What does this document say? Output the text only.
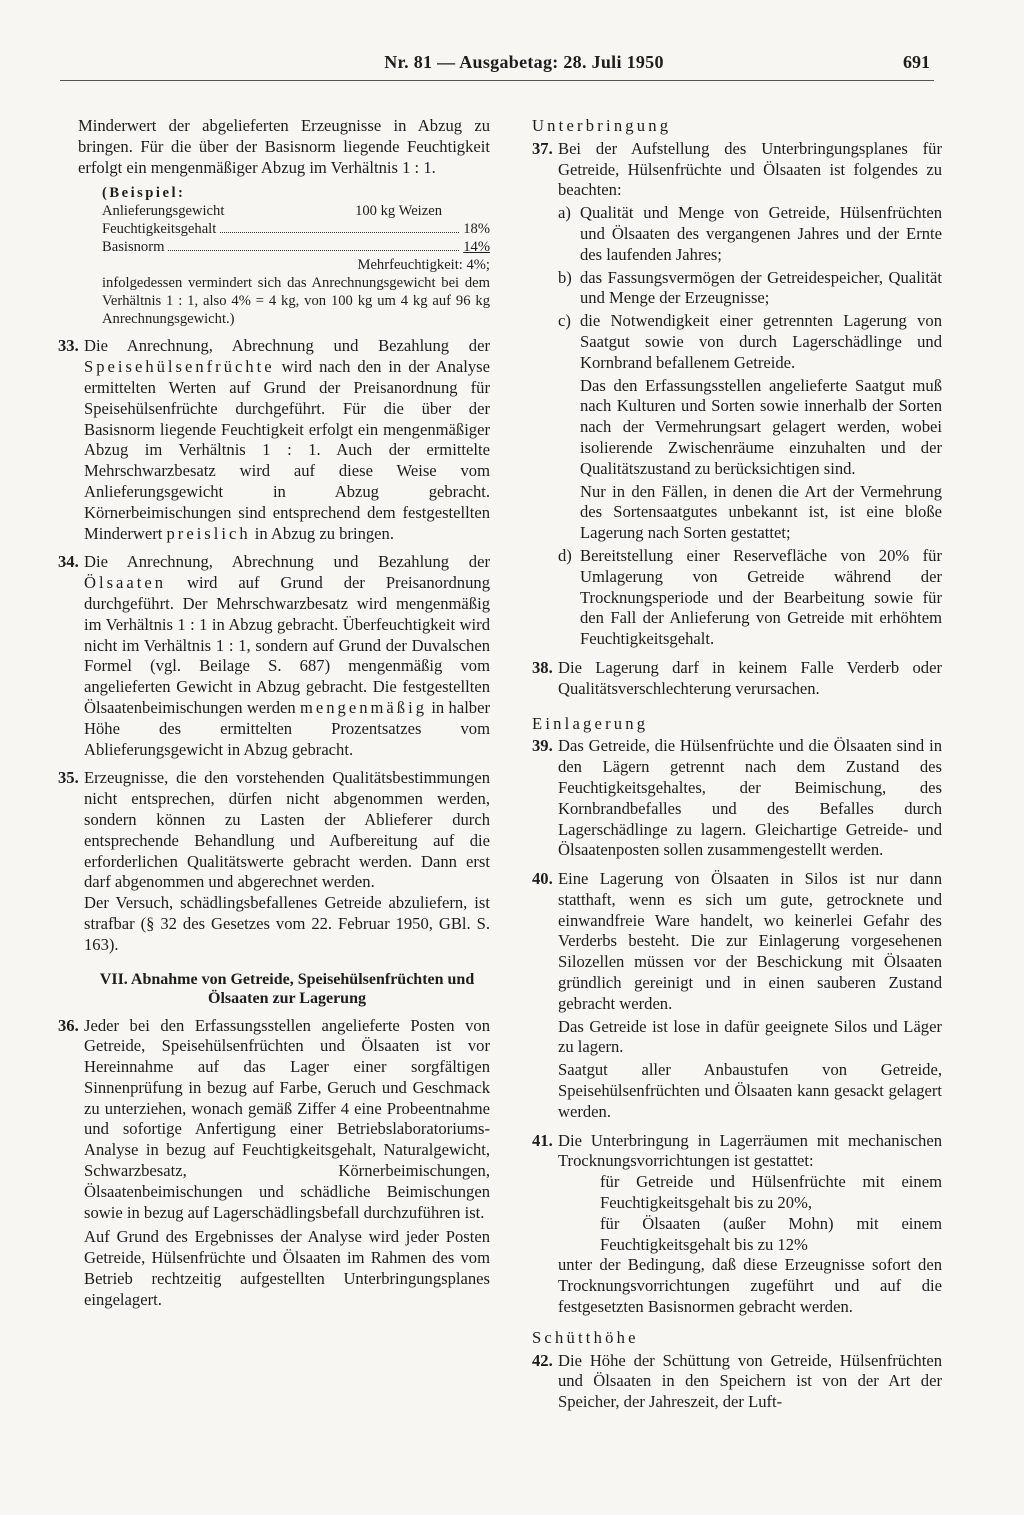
Nr. 81 — Ausgabetag: 28. Juli 1950	691

Minderwert der abgelieferten Erzeugnisse in Abzug zu bringen. Für die über der Basisnorm liegende Feuchtigkeit erfolgt ein mengenmäßiger Abzug im Verhältnis 1 : 1.

(Beispiel:
Anlieferungsgewicht	100 kg Weizen
Feuchtigkeitsgehalt	18%
Basisnorm	14%
Mehrfeuchtigkeit: 4%;

infolgedessen vermindert sich das Anrechnungsgewicht bei dem Verhältnis 1 : 1, also 4% = 4 kg, von 100 kg um 4 kg auf 96 kg Anrechnungsgewicht.)

33. Die Anrechnung, Abrechnung und Bezahlung der Speisehülsenfrüchte wird nach den in der Analyse ermittelten Werten auf Grund der Preisanordnung für Speisehülsenfrüchte durchgeführt. Für die über der Basisnorm liegende Feuchtigkeit erfolgt ein mengenmäßiger Abzug im Verhältnis 1 : 1. Auch der ermittelte Mehrschwarzbesatz wird auf diese Weise vom Anlieferungsgewicht in Abzug gebracht. Körnerbeimischungen sind entsprechend dem festgestellten Minderwert preislich in Abzug zu bringen.

34. Die Anrechnung, Abrechnung und Bezahlung der Ölsaaten wird auf Grund der Preisanordnung durchgeführt. Der Mehrschwarzbesatz wird mengenmäßig im Verhältnis 1 : 1 in Abzug gebracht. Überfeuchtigkeit wird nicht im Verhältnis 1 : 1, sondern auf Grund der Duvalschen Formel (vgl. Beilage S. 687) mengenmäßig vom angelieferten Gewicht in Abzug gebracht. Die festgestellten Ölsaatenbeimischungen werden mengenmäßig in halber Höhe des ermittelten Prozentsatzes vom Ablieferungsgewicht in Abzug gebracht.

35. Erzeugnisse, die den vorstehenden Qualitätsbestimmungen nicht entsprechen, dürfen nicht abgenommen werden, sondern können zu Lasten der Ablieferer durch entsprechende Behandlung und Aufbereitung auf die erforderlichen Qualitätswerte gebracht werden. Dann erst darf abgenommen und abgerechnet werden.

Der Versuch, schädlingsbefallenes Getreide abzuliefern, ist strafbar (§ 32 des Gesetzes vom 22. Februar 1950, GBl. S. 163).

VII. Abnahme von Getreide, Speisehülsenfrüchten und Ölsaaten zur Lagerung
36. Jeder bei den Erfassungsstellen angelieferte Posten von Getreide, Speisehülsenfrüchten und Ölsaaten ist vor Hereinnahme auf das Lager einer sorgfältigen Sinnenprüfung in bezug auf Farbe, Geruch und Geschmack zu unterziehen, wonach gemäß Ziffer 4 eine Probeentnahme und sofortige Anfertigung einer Betriebslaboratoriums-Analyse in bezug auf Feuchtigkeitsgehalt, Naturalgewicht, Schwarzbesatz, Körnerbeimischungen, Ölsaatenbeimischungen und schädliche Beimischungen sowie in bezug auf Lagerschädlingsbefall durchzuführen ist.

Auf Grund des Ergebnisses der Analyse wird jeder Posten Getreide, Hülsenfrüchte und Ölsaaten im Rahmen des vom Betrieb rechtzeitig aufgestellten Unterbringungsplanes eingelagert.

Unterbringung
37. Bei der Aufstellung des Unterbringungsplanes für Getreide, Hülsenfrüchte und Ölsaaten ist folgendes zu beachten:

a) Qualität und Menge von Getreide, Hülsenfrüchten und Ölsaaten des vergangenen Jahres und der Ernte des laufenden Jahres;

b) das Fassungsvermögen der Getreidespeicher, Qualität und Menge der Erzeugnisse;

c) die Notwendigkeit einer getrennten Lagerung von Saatgut sowie von durch Lagerschädlinge und Kornbrand befallenem Getreide.

Das den Erfassungsstellen angelieferte Saatgut muß nach Kulturen und Sorten sowie innerhalb der Sorten nach der Vermehrungsart gelagert werden, wobei isolierende Zwischenräume einzuhalten und der Qualitätszustand zu berücksichtigen sind.

Nur in den Fällen, in denen die Art der Vermehrung des Sortensaatgutes unbekannt ist, ist eine bloße Lagerung nach Sorten gestattet;

d) Bereitstellung einer Reservefläche von 20% für Umlagerung von Getreide während der Trocknungsperiode und der Bearbeitung sowie für den Fall der Anlieferung von Getreide mit erhöhtem Feuchtigkeitsgehalt.

38. Die Lagerung darf in keinem Falle Verderb oder Qualitätsverschlechterung verursachen.

Einlagerung
39. Das Getreide, die Hülsenfrüchte und die Ölsaaten sind in den Lägern getrennt nach dem Zustand des Feuchtigkeitsgehaltes, der Beimischung, des Kornbrandbefalles und des Befalles durch Lagerschädlinge zu lagern. Gleichartige Getreide- und Ölsaatenposten sollen zusammengestellt werden.

40. Eine Lagerung von Ölsaaten in Silos ist nur dann statthaft, wenn es sich um gute, getrocknete und einwandfreie Ware handelt, wo keinerlei Gefahr des Verderbs besteht. Die zur Einlagerung vorgesehenen Silozellen müssen vor der Beschickung mit Ölsaaten gründlich gereinigt und in einen sauberen Zustand gebracht werden.

Das Getreide ist lose in dafür geeignete Silos und Läger zu lagern.

Saatgut aller Anbaustufen von Getreide, Speisehülsenfrüchten und Ölsaaten kann gesackt gelagert werden.

41. Die Unterbringung in Lagerräumen mit mechanischen Trocknungsvorrichtungen ist gestattet:

für Getreide und Hülsenfrüchte mit einem Feuchtigkeitsgehalt bis zu 20%,

für Ölsaaten (außer Mohn) mit einem Feuchtigkeitsgehalt bis zu 12%

unter der Bedingung, daß diese Erzeugnisse sofort den Trocknungsvorrichtungen zugeführt und auf die festgesetzten Basisnormen gebracht werden.

Schütthöhe
42. Die Höhe der Schüttung von Getreide, Hülsenfrüchten und Ölsaaten in den Speichern ist von der Art der Speicher, der Jahreszeit, der Luft-
